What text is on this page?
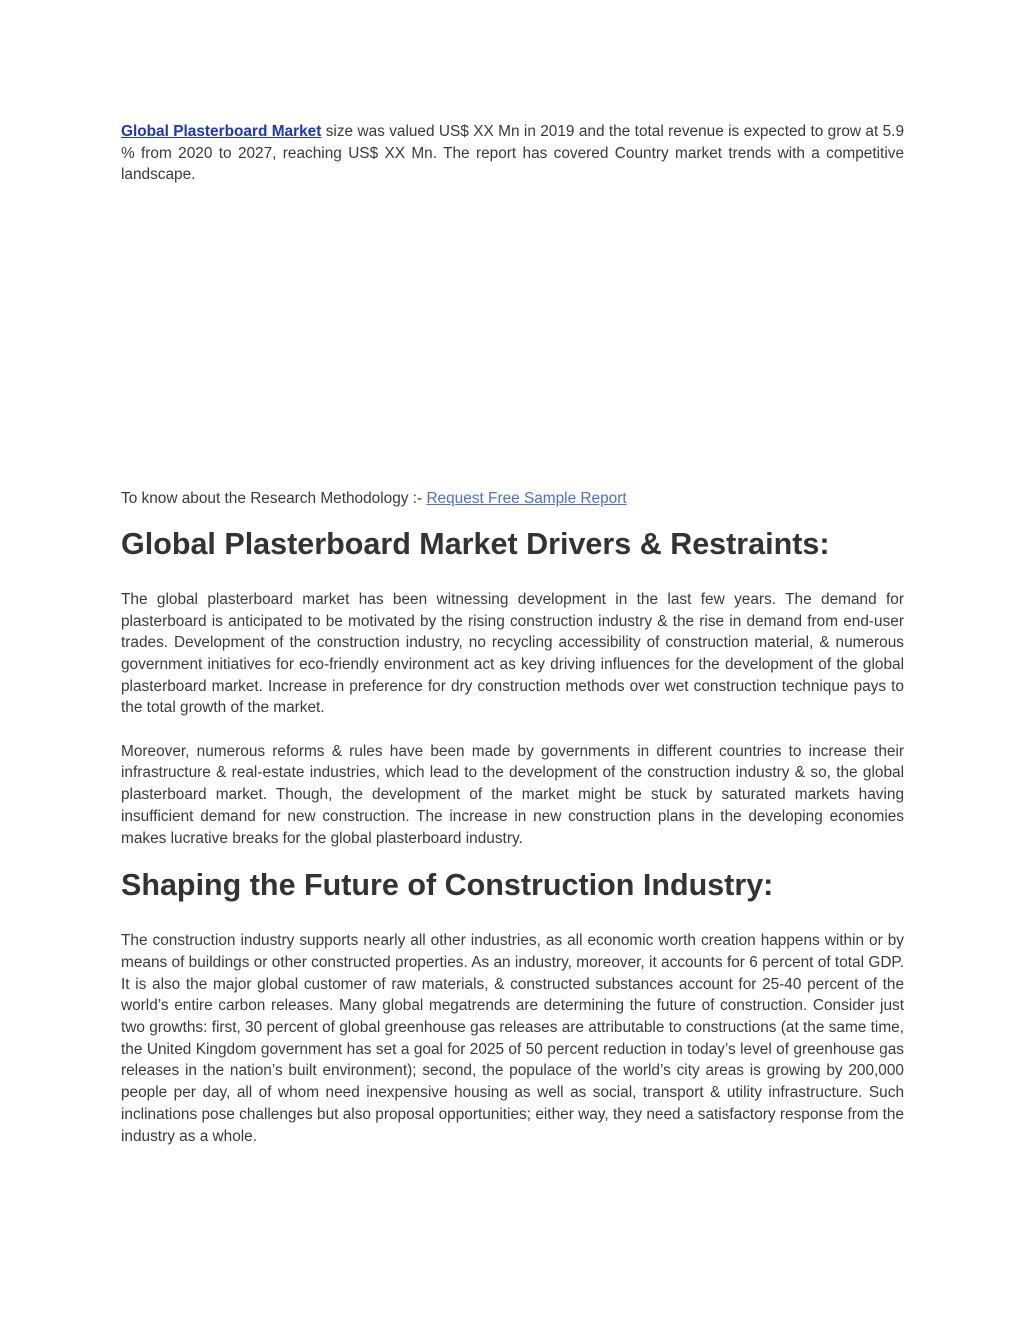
Global Plasterboard Market size was valued US$ XX Mn in 2019 and the total revenue is expected to grow at 5.9 % from 2020 to 2027, reaching US$ XX Mn. The report has covered Country market trends with a competitive landscape.

To know about the Research Methodology :- Request Free Sample Report

Global Plasterboard Market Drivers & Restraints:

The global plasterboard market has been witnessing development in the last few years. The demand for plasterboard is anticipated to be motivated by the rising construction industry & the rise in demand from end-user trades. Development of the construction industry, no recycling accessibility of construction material, & numerous government initiatives for eco-friendly environment act as key driving influences for the development of the global plasterboard market. Increase in preference for dry construction methods over wet construction technique pays to the total growth of the market.

Moreover, numerous reforms & rules have been made by governments in different countries to increase their infrastructure & real-estate industries, which lead to the development of the construction industry & so, the global plasterboard market. Though, the development of the market might be stuck by saturated markets having insufficient demand for new construction. The increase in new construction plans in the developing economies makes lucrative breaks for the global plasterboard industry.

Shaping the Future of Construction Industry:

The construction industry supports nearly all other industries, as all economic worth creation happens within or by means of buildings or other constructed properties. As an industry, moreover, it accounts for 6 percent of total GDP. It is also the major global customer of raw materials, & constructed substances account for 25-40 percent of the world’s entire carbon releases. Many global megatrends are determining the future of construction. Consider just two growths: first, 30 percent of global greenhouse gas releases are attributable to constructions (at the same time, the United Kingdom government has set a goal for 2025 of 50 percent reduction in today’s level of greenhouse gas releases in the nation’s built environment); second, the populace of the world’s city areas is growing by 200,000 people per day, all of whom need inexpensive housing as well as social, transport & utility infrastructure. Such inclinations pose challenges but also proposal opportunities; either way, they need a satisfactory response from the industry as a whole.
